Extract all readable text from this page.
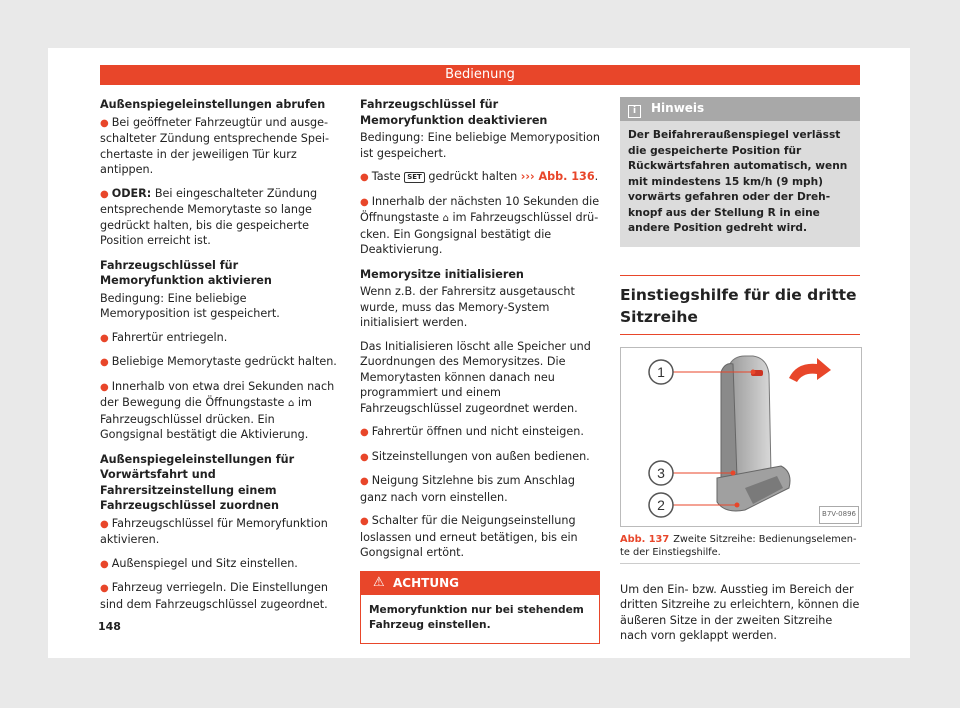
Bedienung

Außenspiegeleinstellungen abrufen

● Bei geöffneter Fahrzeugtür und ausgeschalteter Zündung entsprechende Speichertaste in der jeweiligen Tür kurz antippen.

● ODER: Bei eingeschalteter Zündung entsprechende Memorytaste so lange gedrückt halten, bis die gespeicherte Position erreicht ist.

Fahrzeugschlüssel für Memoryfunktion aktivieren

Bedingung: Eine beliebige Memoryposition ist gespeichert.

● Fahrertür entriegeln.

● Beliebige Memorytaste gedrückt halten.

● Innerhalb von etwa drei Sekunden nach der Bewegung die Öffnungstaste ⌂ im Fahrzeugschlüssel drücken. Ein Gongsignal bestätigt die Aktivierung.

Außenspiegeleinstellungen für Vorwärtsfahrt und Fahrersitzeinstellung einem Fahrzeugschlüssel zuordnen

● Fahrzeugschlüssel für Memoryfunktion aktivieren.

● Außenspiegel und Sitz einstellen.

● Fahrzeug verriegeln. Die Einstellungen sind dem Fahrzeugschlüssel zugeordnet.

Fahrzeugschlüssel für Memoryfunktion deaktivieren

Bedingung: Eine beliebige Memoryposition ist gespeichert.

● Taste SET gedrückt halten ››› Abb. 136.

● Innerhalb der nächsten 10 Sekunden die Öffnungstaste ⌂ im Fahrzeugschlüssel drücken. Ein Gongsignal bestätigt die Deaktivierung.

Memorysitze initialisieren

Wenn z.B. der Fahrersitz ausgetauscht wurde, muss das Memory-System initialisiert werden.

Das Initialisieren löscht alle Speicher und Zuordnungen des Memorysitzes. Die Memorytasten können danach neu programmiert und einem Fahrzeugschlüssel zugeordnet werden.

● Fahrertür öffnen und nicht einsteigen.

● Sitzeinstellungen von außen bedienen.

● Neigung Sitzlehne bis zum Anschlag ganz nach vorn einstellen.

● Schalter für die Neigungseinstellung loslassen und erneut betätigen, bis ein Gongsignal ertönt.

⚠ ACHTUNG

Memoryfunktion nur bei stehendem Fahrzeug einstellen.

i Hinweis
Der Beifahreraußenspiegel verlässt die gespeicherte Position für Rückwärtsfahren automatisch, wenn mit mindestens 15 km/h (9 mph) vorwärts gefahren oder der Drehknopf aus der Stellung R in eine andere Position gedreht wird.
Einstiegshilfe für die dritte Sitzreihe
1
3
2
B7V-0896
Abb. 137 Zweite Sitzreihe: Bedienungselemente der Einstiegshilfe.

Um den Ein- bzw. Ausstieg im Bereich der dritten Sitzreihe zu erleichtern, können die äußeren Sitze in der zweiten Sitzreihe nach vorn geklappt werden.

148
